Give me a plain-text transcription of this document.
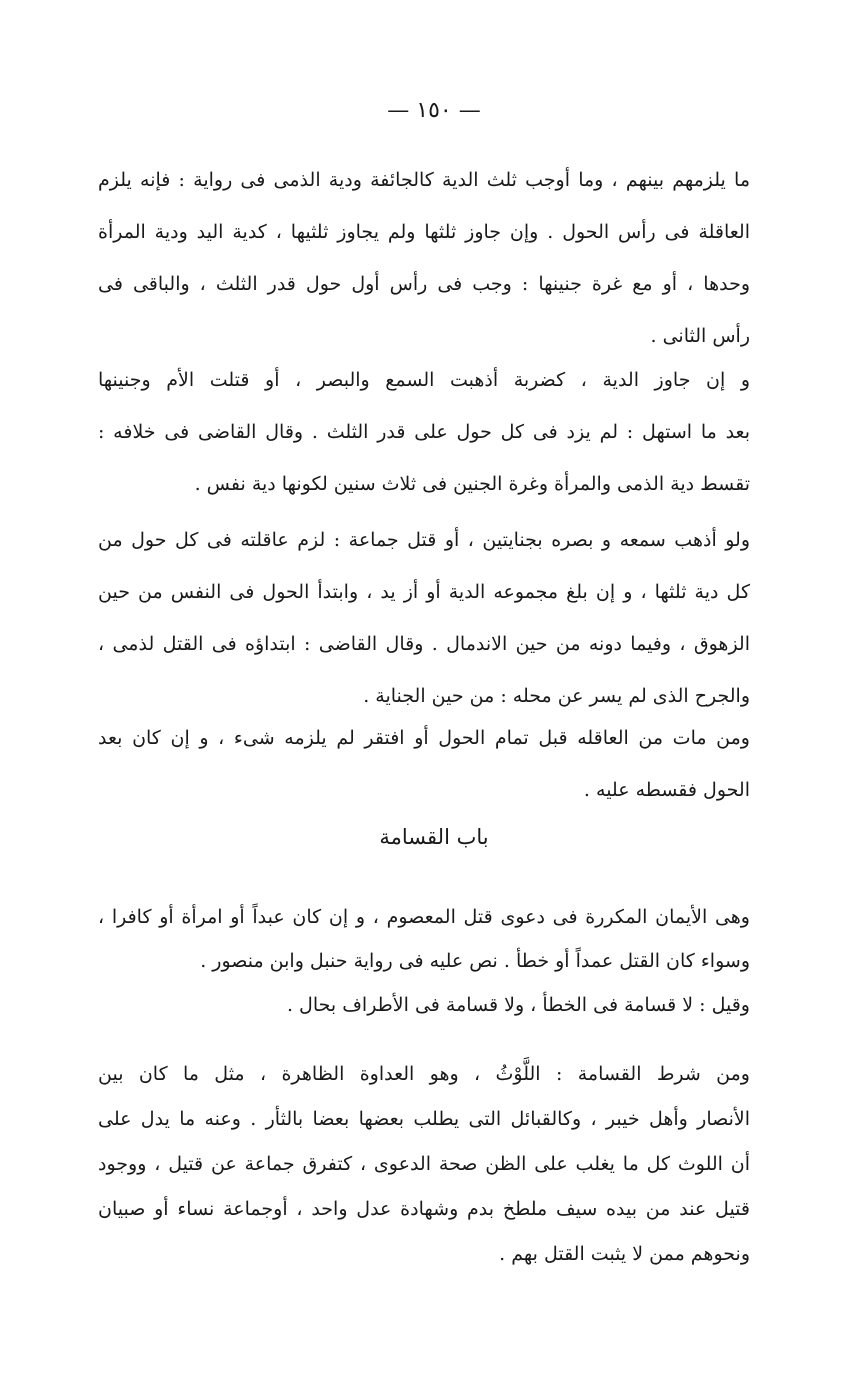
— ١٥٠ —
ما يلزمهم بينهم ، وما أوجب ثلث الدية كالجائفة ودية الذمى فى رواية : فإنه يلزم
العاقلة فى رأس الحول . وإن جاوز ثلثها ولم يجاوز ثلثيها ، كدية اليد ودية المرأة
وحدها ، أو مع غرة جنينها : وجب فى رأس أول حول قدر الثلث ، والباقى فى
رأس الثانى .
و إن جاوز الدية ، كضربة أذهبت السمع والبصر ، أو قتلت الأم وجنينها
بعد ما استهل : لم يزد فى كل حول على قدر الثلث . وقال القاضى فى خلافه :
تقسط دية الذمى والمرأة وغرة الجنين فى ثلاث سنين لكونها دية نفس .
ولو أذهب سمعه و بصره بجنايتين ، أو قتل جماعة : لزم عاقلته فى كل حول من
كل دية ثلثها ، و إن بلغ مجموعه الدية أو أز يد ، وابتدأ الحول فى النفس من حين
الزهوق ، وفيما دونه من حين الاندمال . وقال القاضى : ابتداؤه فى القتل لذمى ،
والجرح الذى لم يسر عن محله : من حين الجناية .
ومن مات من العاقله قبل تمام الحول أو افتقر لم يلزمه شىء ، و إن كان بعد
الحول فقسطه عليه .
باب القسامة
وهى الأيمان المكررة فى دعوى قتل المعصوم ، و إن كان عبداً أو امرأة أو كافرا ،
وسواء كان القتل عمداً أو خطأ . نص عليه فى رواية حنبل وابن منصور .
وقيل : لا قسامة فى الخطأ ، ولا قسامة فى الأطراف بحال .
ومن شرط القسامة : اللَّوْثُ ، وهو العداوة الظاهرة ، مثل ما كان بين
الأنصار وأهل خيبر ، وكالقبائل التى يطلب بعضها بعضا بالثأر . وعنه ما يدل على
أن اللوث كل ما يغلب على الظن صحة الدعوى ، كتفرق جماعة عن قتيل ، ووجود
قتيل عند من بيده سيف ملطخ بدم وشهادة عدل واحد ، أوجماعة نساء أو صبيان
ونحوهم ممن لا يثبت القتل بهم .
